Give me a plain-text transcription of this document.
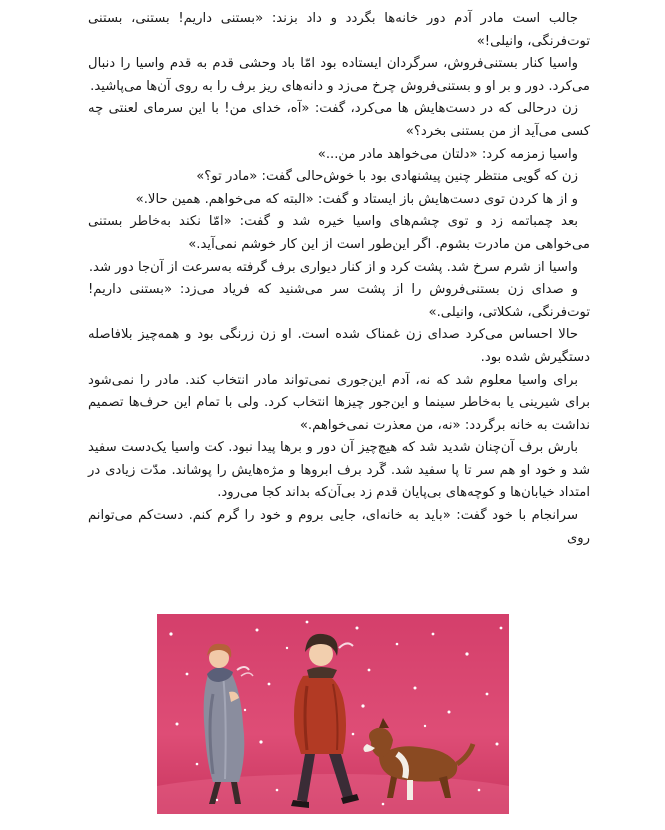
جالب است مادر آدم دور خانه‌ها بگردد و داد بزند: «بستنی داریم! بستنی، بستنی توت‌فرنگی، وانیلی!»

واسیا کنار بستنی‌فروش، سرگردان ایستاده بود امّا باد وحشی قدم به قدم واسیا را دنبال می‌کرد. دور و بر او و بستنی‌فروش چرخ می‌زد و دانه‌های ریز برف را به روی آن‌ها می‌پاشید.

زن درحالی که در دست‌هایش ها می‌کرد، گفت: «آه، خدای من! با این سرمای لعنتی چه کسی می‌آید از من بستنی بخرد؟»

واسیا زمزمه کرد: «دلتان می‌خواهد مادر من...»

زن که گویی منتظر چنین پیشنهادی بود با خوش‌حالی گفت: «مادر تو؟»

و از ها کردن توی دست‌هایش باز ایستاد و گفت: «البته که می‌خواهم. همین حالا.»

بعد چمباتمه زد و توی چشم‌های واسیا خیره شد و گفت: «امّا نکند به‌خاطر بستنی می‌خواهی من مادرت بشوم. اگر این‌طور است از این کار خوشم نمی‌آید.»

واسیا از شرم سرخ شد. پشت کرد و از کنار دیواری برف گرفته به‌سرعت از آن‌جا دور شد.

و صدای زن بستنی‌فروش را از پشت سر می‌شنید که فریاد می‌زد: «بستنی داریم! توت‌فرنگی، شکلاتی، وانیلی.»

حالا احساس می‌کرد صدای زن غمناک شده است. او زن زرنگی بود و همه‌چیز بلافاصله دستگیرش شده بود.

برای واسیا معلوم شد که نه، آدم این‌جوری نمی‌تواند مادر انتخاب کند. مادر را نمی‌شود برای شیرینی یا به‌خاطر سینما و این‌جور چیزها انتخاب کرد. ولی با تمام این حرف‌ها تصمیم نداشت به خانه برگردد: «نه، من معذرت نمی‌خواهم.»

بارش برف آن‌چنان شدید شد که هیچ‌چیز آن دور و برها پیدا نبود. کت واسیا یک‌دست سفید شد و خود او هم سر تا پا سفید شد. گَرد برف ابروها و مژه‌هایش را پوشاند. مدّت زیادی در امتداد خیابان‌ها و کوچه‌های بی‌پایان قدم زد بی‌آن‌که بداند کجا می‌رود.

سرانجام با خود گفت: «باید به خانه‌ای، جایی بروم و خود را گرم کنم. دست‌کم می‌توانم روی
